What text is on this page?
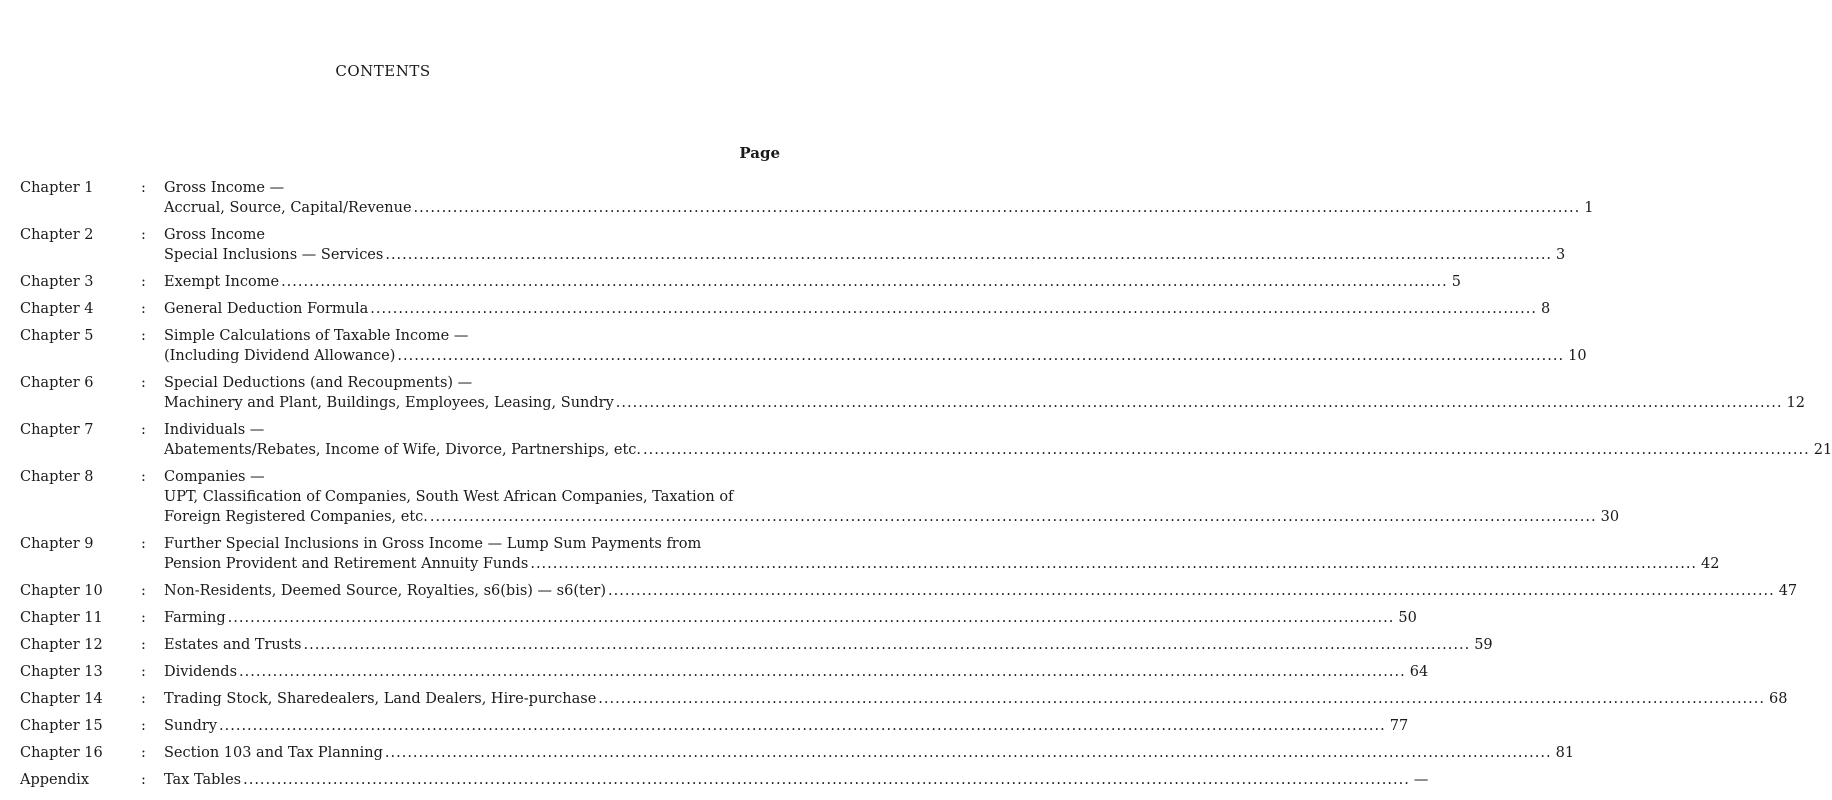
CONTENTS
Page
Chapter 1	:	Gross Income —
Accrual, Source, Capital/Revenue .....	1
Chapter 2	:	Gross Income
Special Inclusions — Services .....	3
Chapter 3	:	Exempt Income .....	5
Chapter 4	:	General Deduction Formula .....	8
Chapter 5	:	Simple Calculations of Taxable Income —
(Including Dividend Allowance) .....	10
Chapter 6	:	Special Deductions (and Recoupments) —
Machinery and Plant, Buildings, Employees, Leasing, Sundry .....	12
Chapter 7	:	Individuals —
Abatements/Rebates, Income of Wife, Divorce, Partnerships, etc. .....	21
Chapter 8	:	Companies —
UPT, Classification of Companies, South West African Companies, Taxation of
Foreign Registered Companies, etc. .....	30
Chapter 9	:	Further Special Inclusions in Gross Income — Lump Sum Payments from
Pension Provident and Retirement Annuity Funds .....	42
Chapter 10	:	Non-Residents, Deemed Source, Royalties, s6(bis) — s6(ter) .....	47
Chapter 11	:	Farming .....	50
Chapter 12	:	Estates and Trusts .....	59
Chapter 13	:	Dividends .....	64
Chapter 14	:	Trading Stock, Sharedealers, Land Dealers, Hire-purchase .....	68
Chapter 15	:	Sundry .....	77
Chapter 16	:	Section 103 and Tax Planning .....	81
Appendix	:	Tax Tables .....	—
